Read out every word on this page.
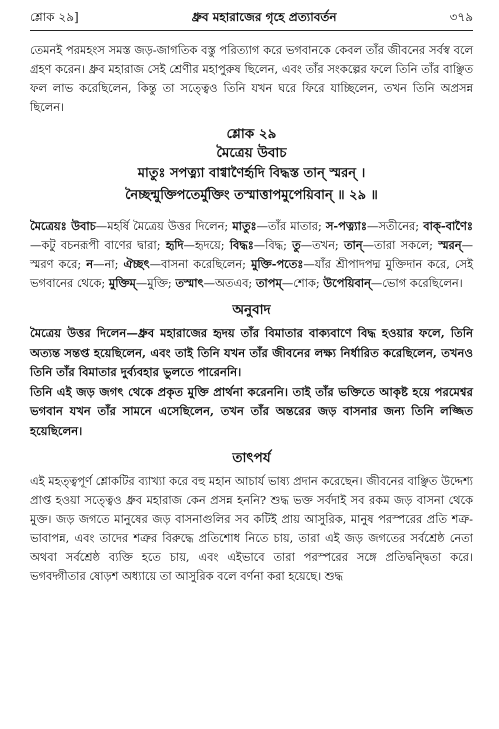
শ্লোক ২৯]	ধ্রুব মহারাজের গৃহে প্রত্যাবর্তন	৩৭৯

তেমনই পরমহংস সমস্ত জড়-জাগতিক বস্তু পরিত্যাগ করে ভগবানকে কেবল তাঁর জীবনের সর্বস্ব বলে গ্রহণ করেন। ধ্রুব মহারাজ সেই শ্রেণীর মহাপুরুষ ছিলেন, এবং তাঁর সংকল্পের ফলে তিনি তাঁর বাঞ্ছিত ফল লাভ করেছিলেন, কিন্তু তা সত্ত্বেও তিনি যখন ঘরে ফিরে যাচ্ছিলেন, তখন তিনি অপ্রসন্ন ছিলেন।

শ্লোক ২৯
মৈত্রেয় উবাচ
মাতুঃ সপত্ন্যা বাগ্বাণৈর্হৃদি বিদ্ধস্ত তান্ স্মরন্ ।
নৈচ্ছন্মুক্তিপতের্মুক্তিং তস্মাত্তাপমুপেয়িবান্ ॥ ২৯ ॥

মৈত্রেয়ঃ উবাচ—মহর্ষি মৈত্রেয় উত্তর দিলেন; মাতুঃ—তাঁর মাতার; স-পত্ন্যাঃ—সতীনের; বাক্-বাণৈঃ—কটু বচনরূপী বাণের দ্বারা; হৃদি—হৃদয়ে; বিদ্ধঃ—বিদ্ধ; তু—তখন; তান্—তারা সকলে; স্মরন্—স্মরণ করে; ন—না; ঐচ্ছৎ—বাসনা করেছিলেন; মুক্তি-পতেঃ—যাঁর শ্রীপাদপদ্ম মুক্তিদান করে, সেই ভগবানের থেকে; মুক্তিম্—মুক্তি; তস্মাৎ—অতএব; তাপম্—শোক; উপেয়িবান্—ভোগ করেছিলেন।

অনুবাদ

মৈত্রেয় উত্তর দিলেন—ধ্রুব মহারাজের হৃদয় তাঁর বিমাতার বাক্যবাণে বিদ্ধ হওয়ার ফলে, তিনি অত্যন্ত সন্তপ্ত হয়েছিলেন, এবং তাই তিনি যখন তাঁর জীবনের লক্ষ্য নির্ধারিত করেছিলেন, তখনও তিনি তাঁর বিমাতার দুর্ব্যবহার ভুলতে পারেননি।

তিনি এই জড় জগৎ থেকে প্রকৃত মুক্তি প্রার্থনা করেননি। তাই তাঁর ভক্তিতে আকৃষ্ট হয়ে পরমেশ্বর ভগবান যখন তাঁর সামনে এসেছিলেন, তখন তাঁর অন্তরের জড় বাসনার জন্য তিনি লজ্জিত হয়েছিলেন।

তাৎপর্য

এই মহত্ত্বপূর্ণ শ্লোকটির ব্যাখ্যা করে বহু মহান আচার্য ভাষ্য প্রদান করেছেন। জীবনের বাঞ্ছিত উদ্দেশ্য প্রাপ্ত হওয়া সত্ত্বেও ধ্রুব মহারাজ কেন প্রসন্ন হননি? শুদ্ধ ভক্ত সর্বদাই সব রকম জড় বাসনা থেকে মুক্ত। জড় জগতে মানুষের জড় বাসনাগুলির সব কটিই প্রায় আসুরিক, মানুষ পরস্পরের প্রতি শত্রু-ভাবাপন্ন, এবং তাদের শত্রুর বিরুদ্ধে প্রতিশোধ নিতে চায়, তারা এই জড় জগতের সর্বশ্রেষ্ঠ নেতা অথবা সর্বশ্রেষ্ঠ ব্যক্তি হতে চায়, এবং এইভাবে তারা পরস্পরের সঙ্গে প্রতিদ্বন্দ্বিতা করে। ভগবদ্গীতার ষোড়শ অধ্যায়ে তা আসুরিক বলে বর্ণনা করা হয়েছে। শুদ্ধ
